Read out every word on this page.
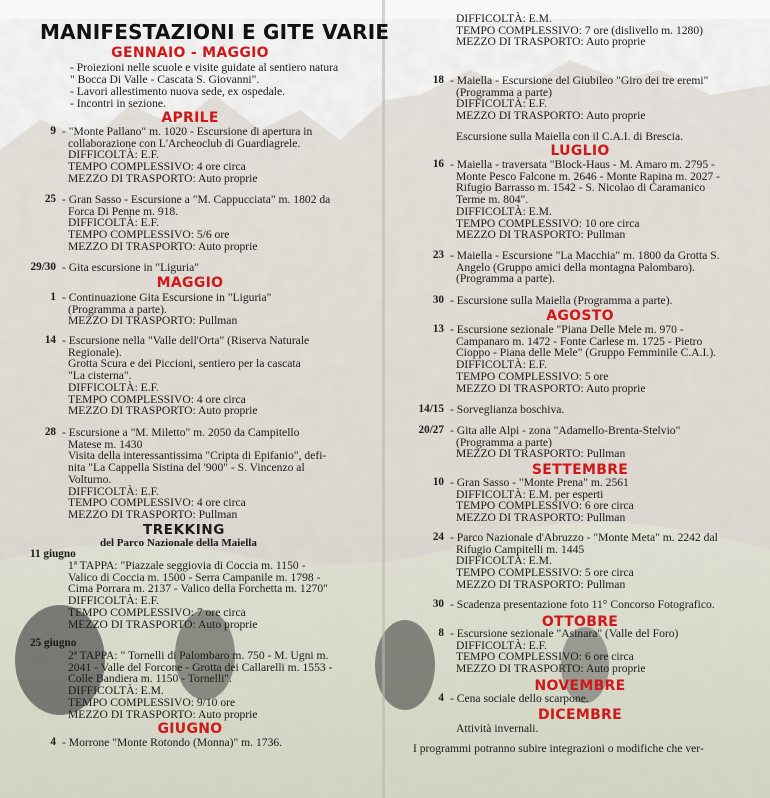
MANIFESTAZIONI E GITE VARIE
GENNAIO - MAGGIO
- Proiezioni nelle scuole e visite guidate al sentiero natura
" Bocca Di Valle - Cascata S. Giovanni".
- Lavori allestimento nuova sede, ex ospedale.
- Incontri in sezione.
APRILE
9 - "Monte Pallano" m. 1020 - Escursione di apertura in
collaborazione con L'Archeoclub di Guardiagrele.
DIFFICOLTÀ: E.F.
TEMPO COMPLESSIVO: 4 ore circa
MEZZO DI TRASPORTO: Auto proprie
25 - Gran Sasso - Escursione a "M. Cappucciata" m. 1802 da
Forca Di Penne m. 918.
DIFFICOLTÀ: E.F.
TEMPO COMPLESSIVO: 5/6 ore
MEZZO DI TRASPORTO: Auto proprie
29/30 - Gita escursione in "Liguria"
MAGGIO
1 - Continuazione Gita Escursione in "Liguria"
(Programma a parte).
MEZZO DI TRASPORTO: Pullman
14 - Escursione nella "Valle dell'Orta" (Riserva Naturale
Regionale).
Grotta Scura e dei Piccioni, sentiero per la cascata
"La cisterna".
DIFFICOLTÀ: E.F.
TEMPO COMPLESSIVO: 4 ore circa
MEZZO DI TRASPORTO: Auto proprie
28 - Escursione a "M. Miletto" m. 2050 da Campitello
Matese m. 1430
Visita della interessantissima "Cripta di Epifanio", defi-
nita "La Cappella Sistina del '900" - S. Vincenzo al
Volturno.
DIFFICOLTÀ: E.F.
TEMPO COMPLESSIVO: 4 ore circa
MEZZO DI TRASPORTO: Pullman
TREKKING
del Parco Nazionale della Maiella
11 giugno
1ª TAPPA: "Piazzale seggiovia di Coccia m. 1150 -
Valico di Coccia m. 1500 - Serra Campanile m. 1798 -
Cima Porrara m. 2137 - Valico della Forchetta m. 1270"
DIFFICOLTÀ: E.F.
TEMPO COMPLESSIVO: 7 ore circa
MEZZO DI TRASPORTO: Auto proprie
25 giugno
2ª TAPPA: " Tornelli di Palombaro m. 750 - M. Ugni m.
2041 - Valle del Forcone - Grotta dei Callarelli m. 1553 -
Colle Bandiera m. 1150 - Tornelli".
DIFFICOLTÀ: E.M.
TEMPO COMPLESSIVO: 9/10 ore
MEZZO DI TRASPORTO: Auto proprie
GIUGNO
4 - Morrone "Monte Rotondo (Monna)" m. 1736.
DIFFICOLTÀ: E.M.
TEMPO COMPLESSIVO: 7 ore (dislivello m. 1280)
MEZZO DI TRASPORTO: Auto proprie
18 - Maiella - Escursione del Giubileo "Giro dei tre eremi"
(Programma a parte)
DIFFICOLTÀ: E.F.
MEZZO DI TRASPORTO: Auto proprie
Escursione sulla Maiella con il C.A.I. di Brescia.
LUGLIO
16 - Maiella - traversata "Block-Haus - M. Amaro m. 2795 -
Monte Pesco Falcone m. 2646 - Monte Rapina m. 2027 -
Rifugio Barrasso m. 1542 - S. Nicolao di Caramanico
Terme m. 804".
DIFFICOLTÀ: E.M.
TEMPO COMPLESSIVO: 10 ore circa
MEZZO DI TRASPORTO: Pullman
23 - Maiella - Escursione "La Macchia" m. 1800 da Grotta S.
Angelo (Gruppo amici della montagna Palombaro).
(Programma a parte).
30 - Escursione sulla Maiella (Programma a parte).
AGOSTO
13 - Escursione sezionale "Piana Delle Mele m. 970 -
Campanaro m. 1472 - Fonte Carlese m. 1725 - Pietro
Cioppo - Piana delle Mele" (Gruppo Femminile C.A.I.).
DIFFICOLTÀ: E.F.
TEMPO COMPLESSIVO: 5 ore
MEZZO DI TRASPORTO: Auto proprie
14/15 - Sorveglianza boschiva.
20/27 - Gita alle Alpi - zona "Adamello-Brenta-Stelvio"
(Programma a parte)
MEZZO DI TRASPORTO: Pullman
SETTEMBRE
10 - Gran Sasso - "Monte Prena" m. 2561
DIFFICOLTÀ: E.M. per esperti
TEMPO COMPLESSIVO: 6 ore circa
MEZZO DI TRASPORTO: Pullman
24 - Parco Nazionale d'Abruzzo - "Monte Meta" m. 2242 dal
Rifugio Campitelli m. 1445
DIFFICOLTÀ: E.M.
TEMPO COMPLESSIVO: 5 ore circa
MEZZO DI TRASPORTO: Pullman
30 - Scadenza presentazione foto 11° Concorso Fotografico.
OTTOBRE
8 - Escursione sezionale "Asinara" (Valle del Foro)
DIFFICOLTÀ: E.F.
TEMPO COMPLESSIVO: 6 ore circa
MEZZO DI TRASPORTO: Auto proprie
NOVEMBRE
4 - Cena sociale dello scarpone.
DICEMBRE
Attività invernali.
I programmi potranno subire integrazioni o modifiche che ver-
